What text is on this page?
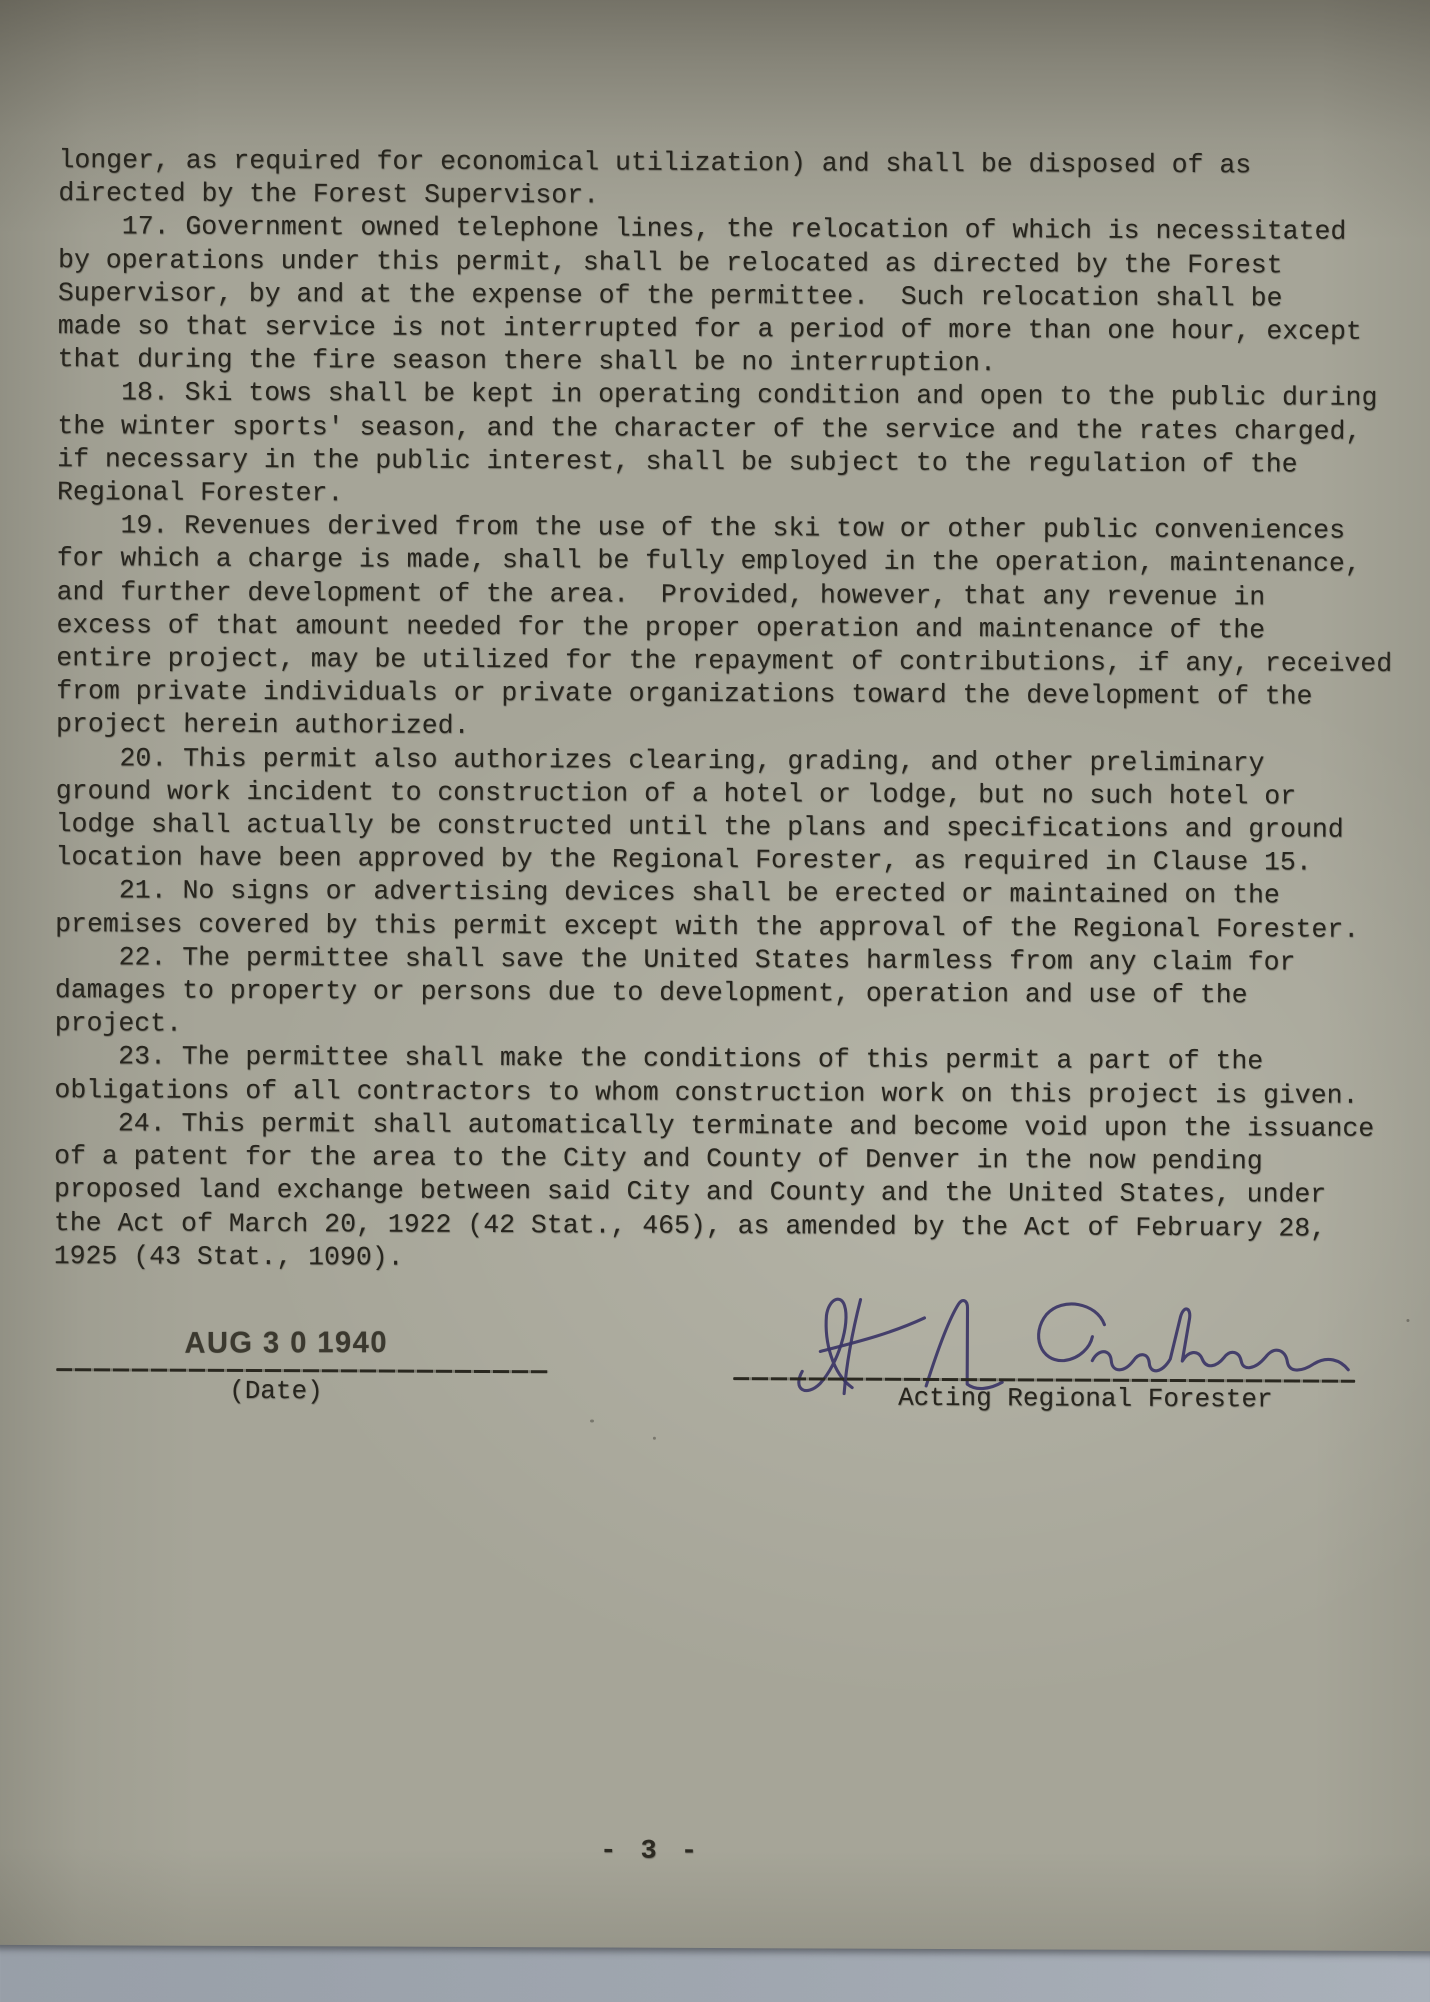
longer, as required for economical utilization) and shall be disposed of as
directed by the Forest Supervisor.
17. Government owned telephone lines, the relocation of which is necessitated
by operations under this permit, shall be relocated as directed by the Forest
Supervisor, by and at the expense of the permittee.  Such relocation shall be
made so that service is not interrupted for a period of more than one hour, except
that during the fire season there shall be no interruption.
18. Ski tows shall be kept in operating condition and open to the public during
the winter sports' season, and the character of the service and the rates charged,
if necessary in the public interest, shall be subject to the regulation of the
Regional Forester.
19. Revenues derived from the use of the ski tow or other public conveniences
for which a charge is made, shall be fully employed in the operation, maintenance,
and further development of the area.  Provided, however, that any revenue in
excess of that amount needed for the proper operation and maintenance of the
entire project, may be utilized for the repayment of contributions, if any, received
from private individuals or private organizations toward the development of the
project herein authorized.
20. This permit also authorizes clearing, grading, and other preliminary
ground work incident to construction of a hotel or lodge, but no such hotel or
lodge shall actually be constructed until the plans and specifications and ground
location have been approved by the Regional Forester, as required in Clause 15.
21. No signs or advertising devices shall be erected or maintained on the
premises covered by this permit except with the approval of the Regional Forester.
22. The permittee shall save the United States harmless from any claim for
damages to property or persons due to development, operation and use of the
project.
23. The permittee shall make the conditions of this permit a part of the
obligations of all contractors to whom construction work on this project is given.
24. This permit shall automatically terminate and become void upon the issuance
of a patent for the area to the City and County of Denver in the now pending
proposed land exchange between said City and County and the United States, under
the Act of March 20, 1922 (42 Stat., 465), as amended by the Act of February 28,
1925 (43 Stat., 1090).
AUG 3 0 1940
(Date)	Acting Regional Forester
- 3 -
